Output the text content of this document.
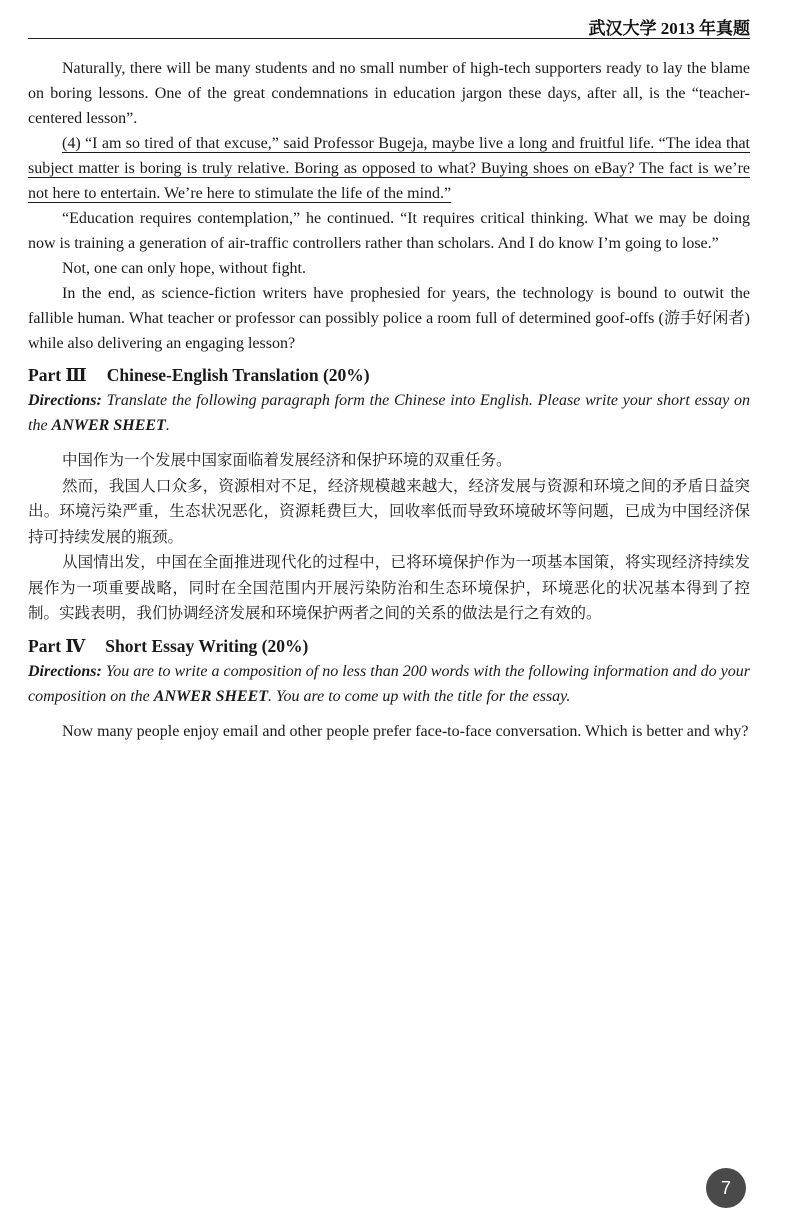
武汉大学 2013 年真题

Naturally, there will be many students and no small number of high-tech supporters ready to lay the blame on boring lessons. One of the great condemnations in education jargon these days, after all, is the “teacher-centered lesson”.

(4) “I am so tired of that excuse,” said Professor Bugeja, maybe live a long and fruitful life. “The idea that subject matter is boring is truly relative. Boring as opposed to what? Buying shoes on eBay? The fact is we’re not here to entertain. We’re here to stimulate the life of the mind.”

“Education requires contemplation,” he continued. “It requires critical thinking. What we may be doing now is training a generation of air-traffic controllers rather than scholars. And I do know I’m going to lose.”

Not, one can only hope, without fight.

In the end, as science-fiction writers have prophesied for years, the technology is bound to outwit the fallible human. What teacher or professor can possibly police a room full of determined goof-offs (游手好闲者) while also delivering an engaging lesson?

Part Ⅲ Chinese-English Translation (20%)

Directions: Translate the following paragraph form the Chinese into English. Please write your short essay on the ANWER SHEET.

中国作为一个发展中国家面临着发展经济和保护环境的双重任务。

然而，我国人口众多，资源相对不足，经济规模越来越大，经济发展与资源和环境之间的矛盾日益突出。环境污染严重，生态状况恶化，资源耗费巨大，回收率低而导致环境破坏等问题，已成为中国经济保持可持续发展的瓶颈。

从国情出发，中国在全面推进现代化的过程中，已将环境保护作为一项基本国策，将实现经济持续发展作为一项重要战略，同时在全国范围内开展污染防治和生态环境保护，环境恶化的状况基本得到了控制。实践表明，我们协调经济发展和环境保护两者之间的关系的做法是行之有效的。

Part Ⅳ Short Essay Writing (20%)

Directions: You are to write a composition of no less than 200 words with the following information and do your composition on the ANWER SHEET. You are to come up with the title for the essay.

Now many people enjoy email and other people prefer face-to-face conversation. Which is better and why?

7
